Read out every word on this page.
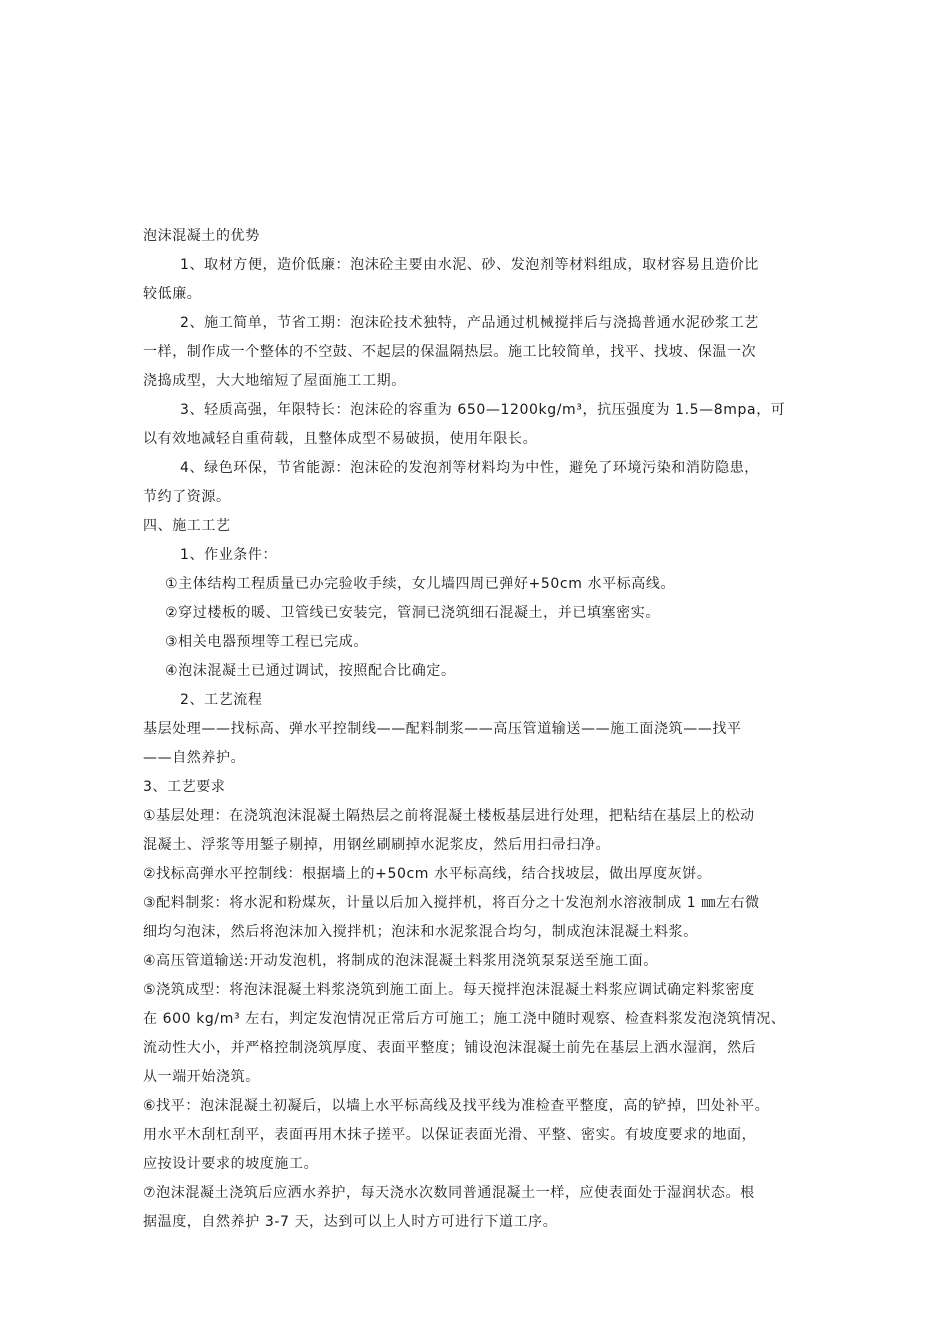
泡沫混凝土的优势
1、取材方便，造价低廉：泡沫砼主要由水泥、砂、发泡剂等材料组成，取材容易且造价比
较低廉。
2、施工简单，节省工期：泡沫砼技术独特，产品通过机械搅拌后与浇捣普通水泥砂浆工艺
一样，制作成一个整体的不空鼓、不起层的保温隔热层。施工比较简单，找平、找坡、保温一次
浇捣成型，大大地缩短了屋面施工工期。
3、轻质高强，年限特长：泡沫砼的容重为 650—1200kg/m³，抗压强度为 1.5—8mpa，可
以有效地减轻自重荷载，且整体成型不易破损，使用年限长。
4、绿色环保，节省能源：泡沫砼的发泡剂等材料均为中性，避免了环境污染和消防隐患，
节约了资源。
四、施工工艺
1、作业条件：
①主体结构工程质量已办完验收手续，女儿墙四周已弹好+50cm 水平标高线。
②穿过楼板的暖、卫管线已安装完，管洞已浇筑细石混凝土，并已填塞密实。
③相关电器预埋等工程已完成。
④泡沫混凝土已通过调试，按照配合比确定。
2、工艺流程
基层处理——找标高、弹水平控制线——配料制浆——高压管道输送——施工面浇筑——找平
——自然养护。
3、工艺要求
①基层处理：在浇筑泡沫混凝土隔热层之前将混凝土楼板基层进行处理，把粘结在基层上的松动
混凝土、浮浆等用錾子剔掉，用钢丝刷刷掉水泥浆皮，然后用扫帚扫净。
②找标高弹水平控制线：根据墙上的+50cm 水平标高线，结合找坡层，做出厚度灰饼。
③配料制浆：将水泥和粉煤灰，计量以后加入搅拌机，将百分之十发泡剂水溶液制成 1 ㎜左右微
细均匀泡沫，然后将泡沫加入搅拌机；泡沫和水泥浆混合均匀，制成泡沫混凝土料浆。
④高压管道输送:开动发泡机，将制成的泡沫混凝土料浆用浇筑泵泵送至施工面。
⑤浇筑成型：将泡沫混凝土料浆浇筑到施工面上。每天搅拌泡沫混凝土料浆应调试确定料浆密度
在 600 kg/m³ 左右，判定发泡情况正常后方可施工；施工浇中随时观察、检查料浆发泡浇筑情况、
流动性大小，并严格控制浇筑厚度、表面平整度；铺设泡沫混凝土前先在基层上洒水湿润，然后
从一端开始浇筑。
⑥找平：泡沫混凝土初凝后，以墙上水平标高线及找平线为准检查平整度，高的铲掉，凹处补平。
用水平木刮杠刮平，表面再用木抹子搓平。以保证表面光滑、平整、密实。有坡度要求的地面，
应按设计要求的坡度施工。
⑦泡沫混凝土浇筑后应洒水养护，每天浇水次数同普通混凝土一样，应使表面处于湿润状态。根
据温度，自然养护 3-7 天，达到可以上人时方可进行下道工序。
